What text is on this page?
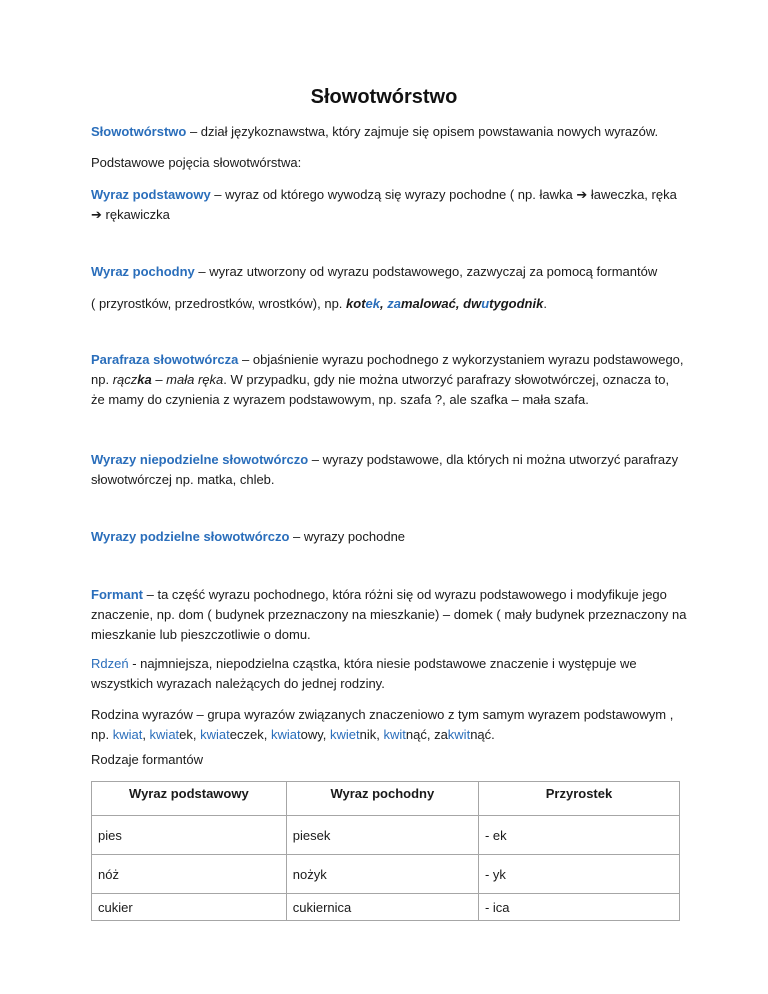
Słowotwórstwo

Słowotwórstwo – dział językoznawstwa, który zajmuje się opisem powstawania nowych wyrazów.

Podstawowe pojęcia słowotwórstwa:

Wyraz podstawowy – wyraz od którego wywodzą się wyrazy pochodne ( np. ławka ➔ ławeczka, ręka
➔ rękawiczka

Wyraz pochodny – wyraz utworzony od wyrazu podstawowego, zazwyczaj za pomocą formantów

( przyrostków, przedrostków, wrostków), np. kotek, zamalować, dwutygodnik.

Parafraza słowotwórcza – objaśnienie wyrazu pochodnego z wykorzystaniem wyrazu podstawowego,
np. rączka – mała ręka. W przypadku, gdy nie można utworzyć parafrazy słowotwórczej, oznacza to,
że mamy do czynienia z wyrazem podstawowym, np. szafa ?, ale szafka – mała szafa.

Wyrazy niepodzielne słowotwórczo – wyrazy podstawowe, dla których ni można utworzyć parafrazy
słowotwórczej np. matka, chleb.

Wyrazy podzielne słowotwórczo – wyrazy pochodne

Formant – ta część wyrazu pochodnego, która różni się od wyrazu podstawowego i modyfikuje jego
znaczenie, np. dom ( budynek przeznaczony na mieszkanie) – domek ( mały budynek przeznaczony na
mieszkanie lub pieszczotliwie o domu.

Rdzeń - najmniejsza, niepodzielna cząstka, która niesie podstawowe znaczenie i występuje we
wszystkich wyrazach należących do jednej rodziny.

Rodzina wyrazów – grupa wyrazów związanych znaczeniowo z tym samym wyrazem podstawowym ,
np. kwiat, kwiatek, kwiateczek, kwiatowy, kwietnik, kwitnąć, zakwitnąć.

Rodzaje formantów

Wyraz podstawowy	Wyraz pochodny	Przyrostek
pies	piesek	- ek
nóż	nożyk	- yk
cukier	cukiernica	- ica
